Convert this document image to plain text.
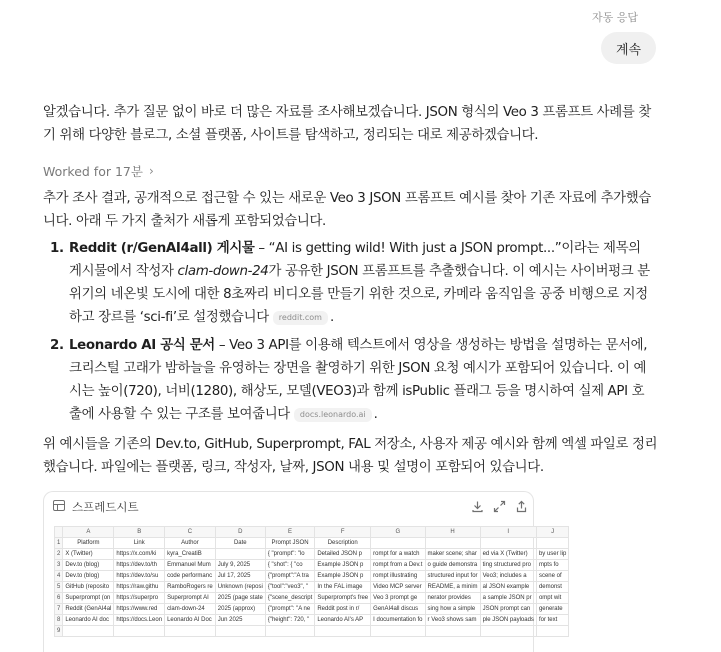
자동 응답
계속
알겠습니다. 추가 질문 없이 바로 더 많은 자료를 조사해보겠습니다. JSON 형식의 Veo 3 프롬프트 사례를 찾기 위해 다양한 블로그, 소셜 플랫폼, 사이트를 탐색하고, 정리되는 대로 제공하겠습니다.
Worked for 17분 ›
추가 조사 결과, 공개적으로 접근할 수 있는 새로운 Veo 3 JSON 프롬프트 예시를 찾아 기존 자료에 추가했습니다. 아래 두 가지 출처가 새롭게 포함되었습니다.
1. Reddit (r/GenAI4all) 게시물 – “AI is getting wild! With just a JSON prompt...”이라는 제목의 게시물에서 작성자 clam-down-24가 공유한 JSON 프롬프트를 추출했습니다. 이 예시는 사이버펑크 분위기의 네온빛 도시에 대한 8초짜리 비디오를 만들기 위한 것으로, 카메라 움직임을 공중 비행으로 지정하고 장르를 ‘sci-fi’로 설정했습니다 reddit.com .
2. Leonardo AI 공식 문서 – Veo 3 API를 이용해 텍스트에서 영상을 생성하는 방법을 설명하는 문서에, 크리스털 고래가 밤하늘을 유영하는 장면을 촬영하기 위한 JSON 요청 예시가 포함되어 있습니다. 이 예시는 높이(720), 너비(1280), 해상도, 모델(VEO3)과 함께 isPublic 플래그 등을 명시하여 실제 API 호출에 사용할 수 있는 구조를 보여줍니다 docs.leonardo.ai .
위 예시들을 기존의 Dev.to, GitHub, Superprompt, FAL 저장소, 사용자 제공 예시와 함께 엑셀 파일로 정리했습니다. 파일에는 플랫폼, 링크, 작성자, 날짜, JSON 내용 및 설명이 포함되어 있습니다.
스프레드시트
	A	B	C	D	E	F	G	H	I	J
1	Platform	Link	Author	Date	Prompt JSON	Description				
2	X (Twitter)	https://x.com/ki	kyra_CreatiB		{ "prompt": "lo	Detailed JSON p	rompt for a watch	maker scene; shar	ed via X (Twitter)	by user lip
3	Dev.to (blog)	https://dev.to/th	Emmanuel Mum	July 9, 2025	{ "shot": { "co	Example JSON p	rompt from a Dev.t	o guide demonstra	ting structured pro	mpts fo
4	Dev.to (blog)	https://dev.to/su	code performanc	Jul 17, 2025	{"prompt":"A tra	Example JSON p	rompt illustrating	structured input for	Veo3; includes a	scene of
5	GitHub (reposito	https://raw.githu	RamboRogers re	Unknown (reposi	{"tool":"veo3", "	In the FAL image	Video MCP server	README, a minim	al JSON example	demonst
6	Superprompt (on	https://superpro	Superprompt AI	2025 (page state	{"scene_descript	Superprompt's free	Veo 3 prompt ge	nerator provides	a sample JSON pr	ompt wit
7	Reddit (GenAI4al	https://www.red	clam-down-24	2025 (approx)	{"prompt": "A ne	Reddit post in r/	GenAI4all discus	sing how a simple	JSON prompt can	generate
8	Leonardo AI doc	https://docs.Leon	Leonardo AI Doc	Jun 2025	{"height": 720, "	Leonardo AI's AP	I documentation fo	r Veo3 shows sam	ple JSON payloads	for text
9										
